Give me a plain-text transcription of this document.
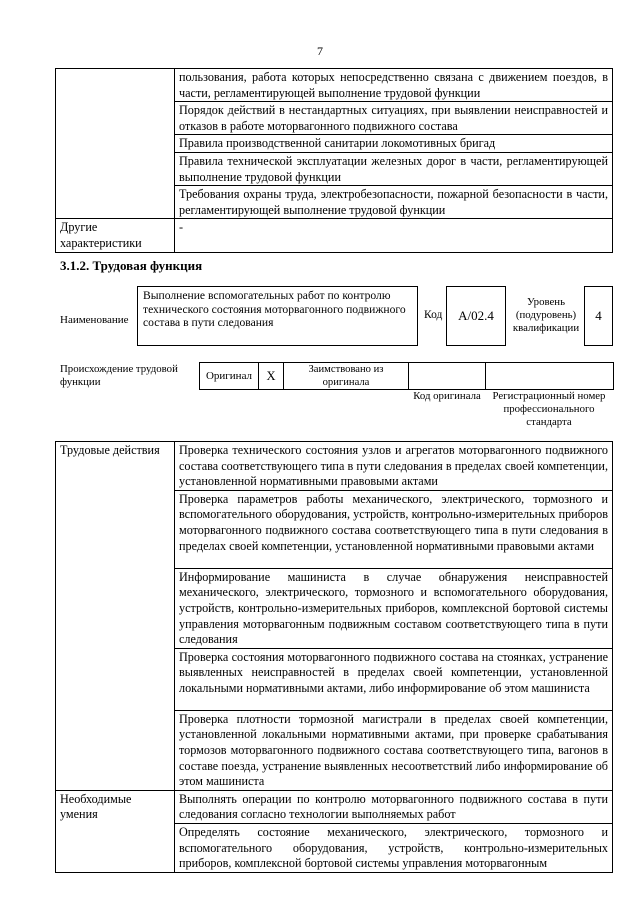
7
	пользования, работа которых непосредственно связана с движением поездов, в части, регламентирующей выполнение трудовой функции
	Порядок действий в нестандартных ситуациях, при выявлении неисправностей и отказов в работе моторвагонного подвижного состава
	Правила производственной санитарии локомотивных бригад
	Правила технической эксплуатации железных дорог в части, регламентирующей выполнение трудовой функции
	Требования охраны труда, электробезопасности, пожарной безопасности в части, регламентирующей выполнение трудовой функции
Другие характеристики	-
3.1.2. Трудовая функция
Наименование
Выполнение вспомогательных работ по контролю технического состояния моторвагонного подвижного состава в пути следования
Код	А/02.4
Уровень (подуровень) квалификации
4
Происхождение трудовой функции
Оригинал	X	Заимствовано из оригинала		
Код оригинала	Регистрационный номер профессионального стандарта
Трудовые действия	Проверка технического состояния узлов и агрегатов моторвагонного подвижного состава соответствующего типа в пути следования в пределах своей компетенции, установленной нормативными правовыми актами
	Проверка параметров работы механического, электрического, тормозного и вспомогательного оборудования, устройств, контрольно-измерительных приборов моторвагонного подвижного состава соответствующего типа в пути следования в пределах своей компетенции, установленной нормативными правовыми актами
	Информирование машиниста в случае обнаружения неисправностей механического, электрического, тормозного и вспомогательного оборудования, устройств, контрольно-измерительных приборов, комплексной бортовой системы управления моторвагонным подвижным составом соответствующего типа в пути следования
	Проверка состояния моторвагонного подвижного состава на стоянках, устранение выявленных неисправностей в пределах своей компетенции, установленной локальными нормативными актами, либо информирование об этом машиниста
	Проверка плотности тормозной магистрали в пределах своей компетенции, установленной локальными нормативными актами, при проверке срабатывания тормозов моторвагонного подвижного состава соответствующего типа, вагонов в составе поезда, устранение выявленных несоответствий либо информирование об этом машиниста
Необходимые умения	Выполнять операции по контролю моторвагонного подвижного состава в пути следования согласно технологии выполняемых работ
	Определять состояние механического, электрического, тормозного и вспомогательного оборудования, устройств, контрольно-измерительных приборов, комплексной бортовой системы управления моторвагонным
